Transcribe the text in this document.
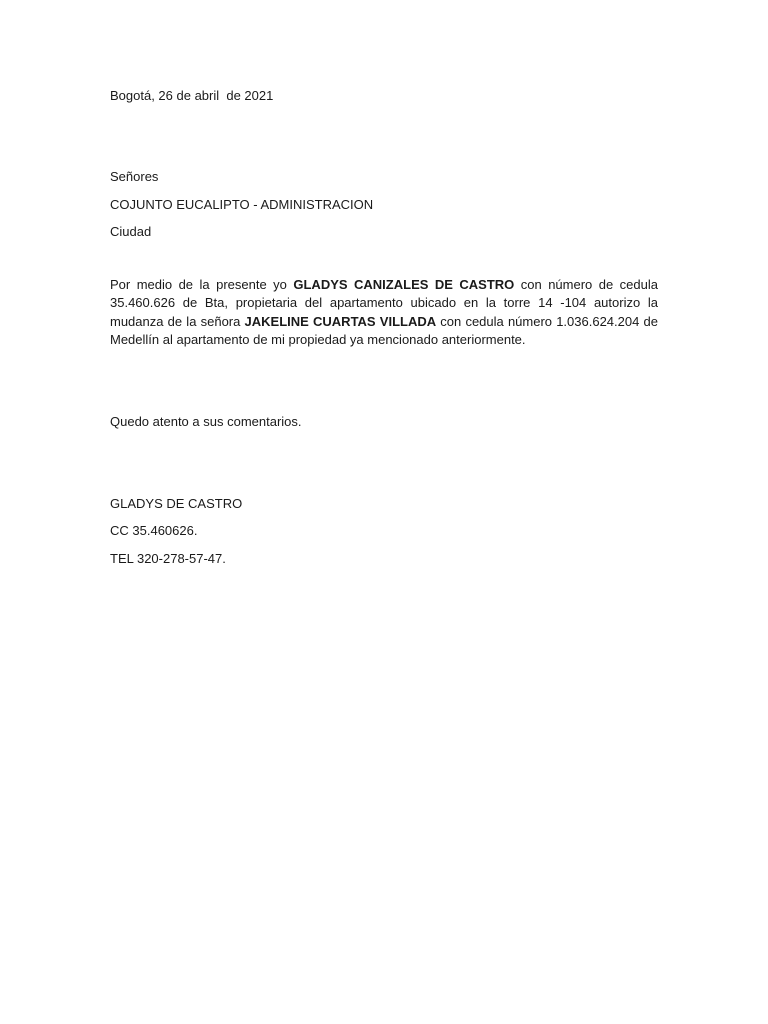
Bogotá, 26 de abril  de 2021
Señores
COJUNTO EUCALIPTO - ADMINISTRACION
Ciudad
Por medio de la presente yo GLADYS CANIZALES DE CASTRO con número de cedula 35.460.626 de Bta, propietaria del apartamento ubicado en la torre 14 -104 autorizo la mudanza de la señora JAKELINE CUARTAS VILLADA con cedula número 1.036.624.204 de Medellín al apartamento de mi propiedad ya mencionado anteriormente.
Quedo atento a sus comentarios.
GLADYS DE CASTRO
CC 35.460626.
TEL 320-278-57-47.
